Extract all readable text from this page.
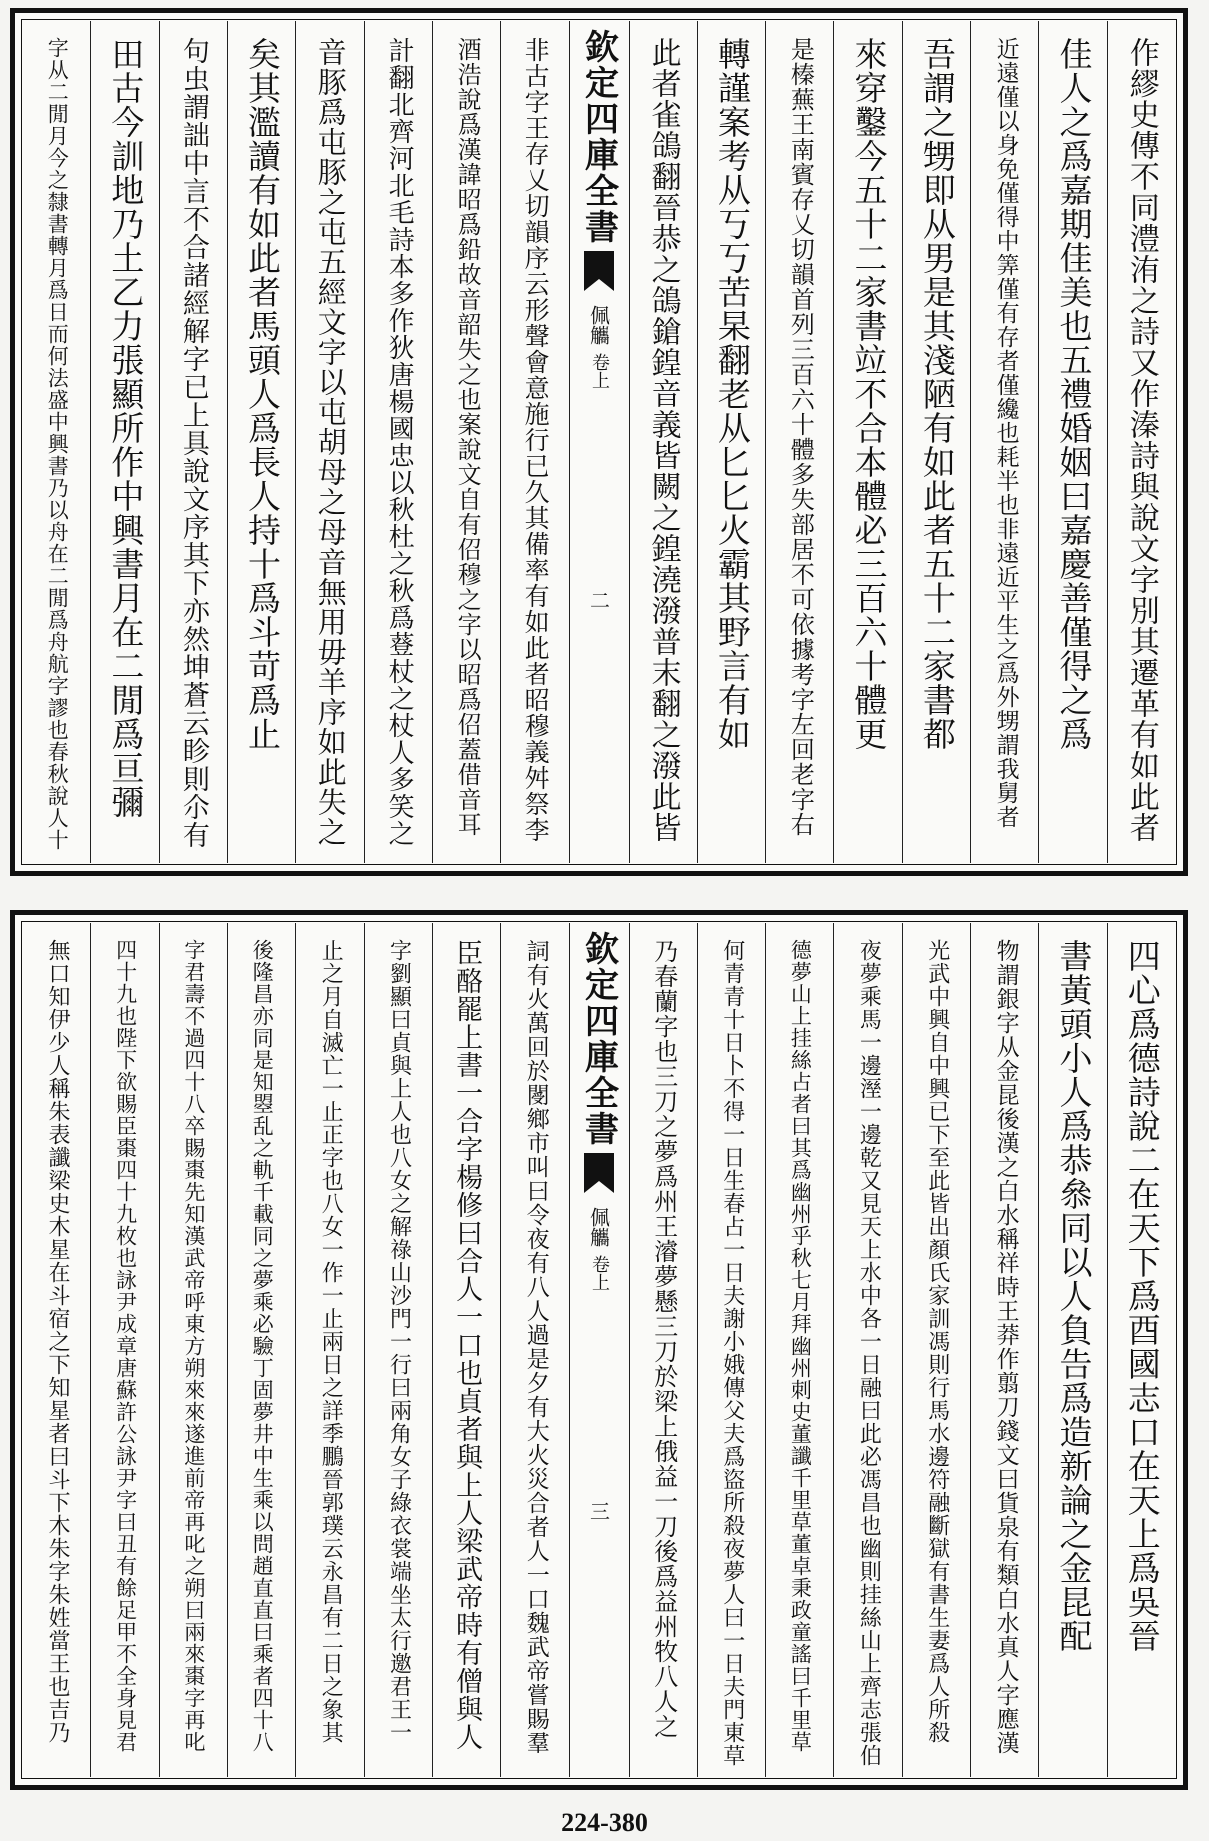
作繆史傳不同澧洧之詩又作溱詩與說文字別其遷革有如此者
佳人之爲嘉期佳美也五禮婚姻曰嘉慶善僅得之爲
近遠僅以身免僅得中筭僅有存者僅纔也耗半也非遠近平生之爲外甥謂我舅者
吾謂之甥即从男是其淺陋有如此者五十二家書都
來穿鑿今五十二家書竝不合本體必三百六十體更
是榛蕪王南賓存乂切韻首列三百六十體多失部居不可依據考字左回老字右
轉謹案考从丂丂苦杲翻老从匕匕火霸其野言有如
此者雀鴿翻晉恭之鴿鎗鍠音義皆闕之鍠澆潑普末翻之潑此皆
欽定四庫全書
佩觿
卷上
二
非古字王存乂切韻序云形聲會意施行已久其備率有如此者昭穆義舛祭李
酒浩說爲漢諱昭爲鉛故音韶失之也案說文自有佋穆之字以昭爲佋蓋借音耳
計翻北齊河北毛詩本多作狄唐楊國忠以秋杜之秋爲䔲杖之杖人多笑之
音豚爲屯豚之屯五經文字以屯胡母之母音無用毋羊序如此失之
矣其濫讀有如此者馬頭人爲長人持十爲斗苛爲止
句虫謂詘中言不合諸經解字已上具說文序其下亦然坤蒼云眕則尒有
田古今訓地乃土乙力張顯所作中興書月在二閒爲亘彌
字从二閒月今之隸書轉月爲日而何法盛中興書乃以舟在二閒爲舟航字謬也春秋說人十
四心爲德詩說二在天下爲酉國志口在天上爲吳晉
書黃頭小人爲恭叅同以人負告爲造新論之金昆配
物謂銀字从金昆後漢之白水稱祥時王莽作翦刀錢文曰貨泉有類白水真人字應漢
光武中興自中興已下至此皆出顏氏家訓馮則行馬水邊符融斷獄有書生妻爲人所殺
夜夢乘馬一邊溼一邊乾又見天上水中各一日融曰此必馮昌也幽則挂絲山上齊志張伯
德夢山上挂絲占者曰其爲幽州乎秋七月拜幽州刺史董讖千里草董卓秉政童謠曰千里草
何青青十日卜不得一日生春占一日夫謝小娥傳父夫爲盜所殺夜夢人曰一日夫門東草
乃春蘭字也三刀之夢爲州王濬夢懸三刀於梁上俄益一刀後爲益州牧八人之
欽定四庫全書
佩觿
卷上
三
詞有火萬回於閿鄉市叫曰令夜有八人過是夕有大火災合者人一口魏武帝嘗賜羣
臣酪罷上書一合字楊修曰合人一口也貞者與上人梁武帝時有僧與人
字劉顯曰貞與上人也八女之解祿山沙門一行曰兩角女子綠衣裳端坐太行邀君王一
止之月自滅亡一止正字也八女一作一止兩日之詳季鵬晉郭璞云永昌有二日之象其
後隆昌亦同是知曌乱之軌千載同之夢乘必驗丁固夢井中生乘以問趙直直曰乘者四十八
字君壽不過四十八卒賜棗先知漢武帝呼東方朔來來遂進前帝再叱之朔曰兩來棗字再叱
四十九也陛下欲賜臣棗四十九枚也詠尹成章唐蘇許公詠尹字曰丑有餘足甲不全身見君
無口知伊少人稱朱表讖梁史木星在斗宿之下知星者曰斗下木朱字朱姓當王也吉乃
224-380
